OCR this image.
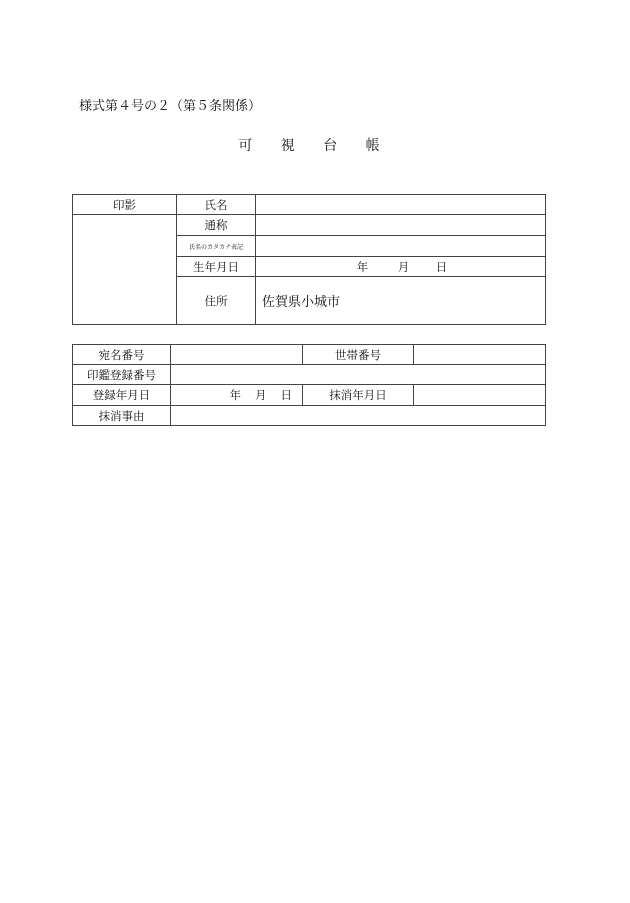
様式第４号の２（第５条関係）
可 視 台 帳
印影	氏名	
	通称	
	氏名のカタカナ表記	
	生年月日	年 月 日
	住所	佐賀県小城市
宛名番号		世帯番号	
印鑑登録番号			
登録年月日	年 月 日	抹消年月日	
抹消事由			
